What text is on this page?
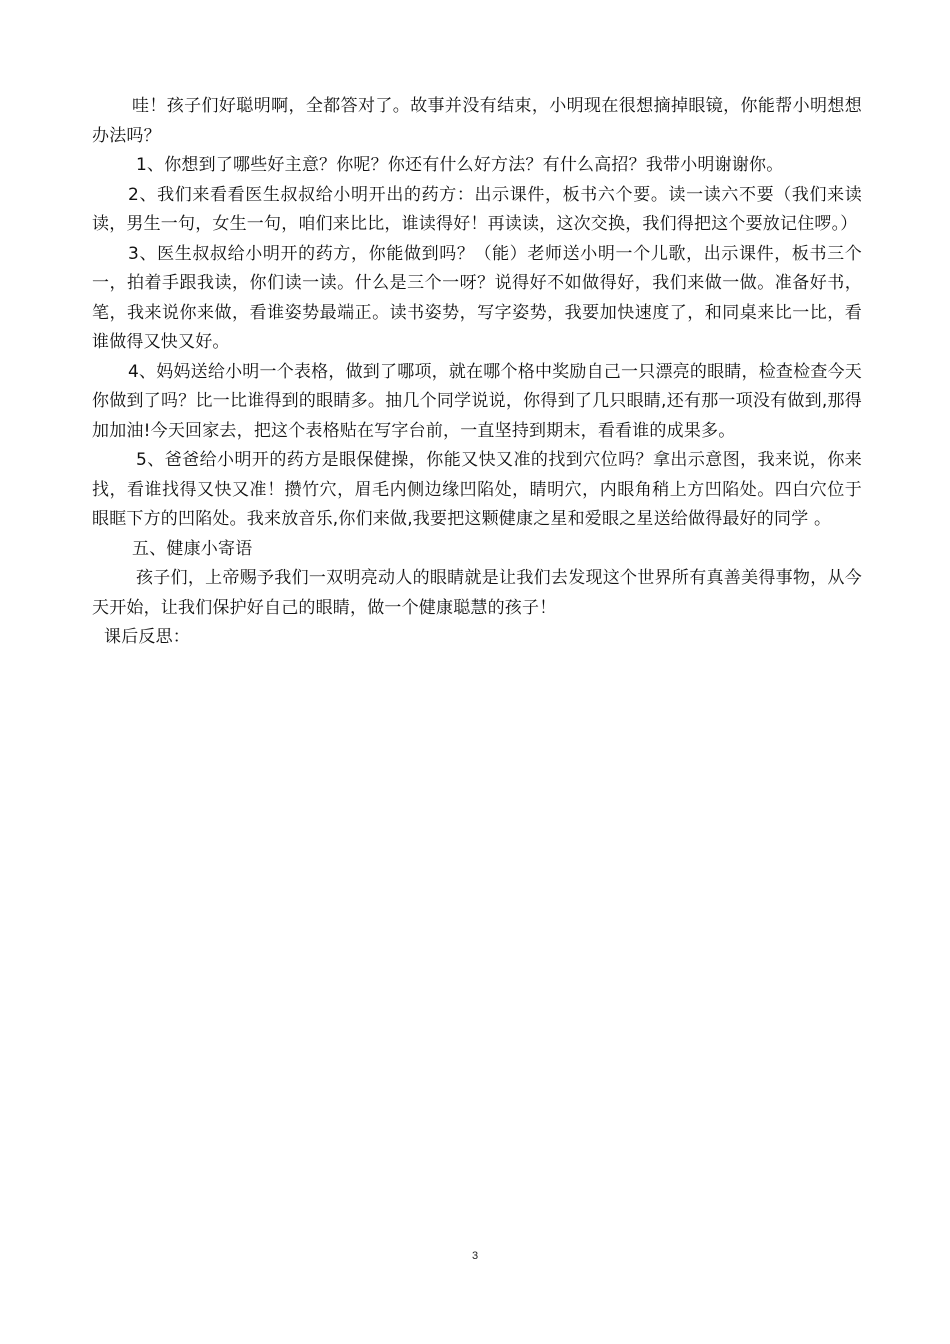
哇！孩子们好聪明啊，全都答对了。故事并没有结束，小明现在很想摘掉眼镜，你能帮小明想想办法吗？

1、你想到了哪些好主意？你呢？你还有什么好方法？有什么高招？我带小明谢谢你。

2、我们来看看医生叔叔给小明开出的药方：出示课件，板书六个要。读一读六不要（我们来读读，男生一句，女生一句，咱们来比比，谁读得好！再读读，这次交换，我们得把这个要放记住啰。）

3、医生叔叔给小明开的药方，你能做到吗？（能）老师送小明一个儿歌，出示课件，板书三个一，拍着手跟我读，你们读一读。什么是三个一呀？说得好不如做得好，我们来做一做。准备好书，笔，我来说你来做，看谁姿势最端正。读书姿势，写字姿势，我要加快速度了，和同桌来比一比，看谁做得又快又好。

4、妈妈送给小明一个表格，做到了哪项，就在哪个格中奖励自己一只漂亮的眼睛，检查检查今天你做到了吗？比一比谁得到的眼睛多。抽几个同学说说，你得到了几只眼睛,还有那一项没有做到,那得加加油!今天回家去，把这个表格贴在写字台前，一直坚持到期末，看看谁的成果多。

5、爸爸给小明开的药方是眼保健操，你能又快又准的找到穴位吗？拿出示意图，我来说，你来找，看谁找得又快又准！攒竹穴，眉毛内侧边缘凹陷处，睛明穴，内眼角稍上方凹陷处。四白穴位于眼眶下方的凹陷处。我来放音乐,你们来做,我要把这颗健康之星和爱眼之星送给做得最好的同学 。

五、健康小寄语

孩子们，上帝赐予我们一双明亮动人的眼睛就是让我们去发现这个世界所有真善美得事物，从今天开始，让我们保护好自己的眼睛，做一个健康聪慧的孩子！

课后反思：

3
